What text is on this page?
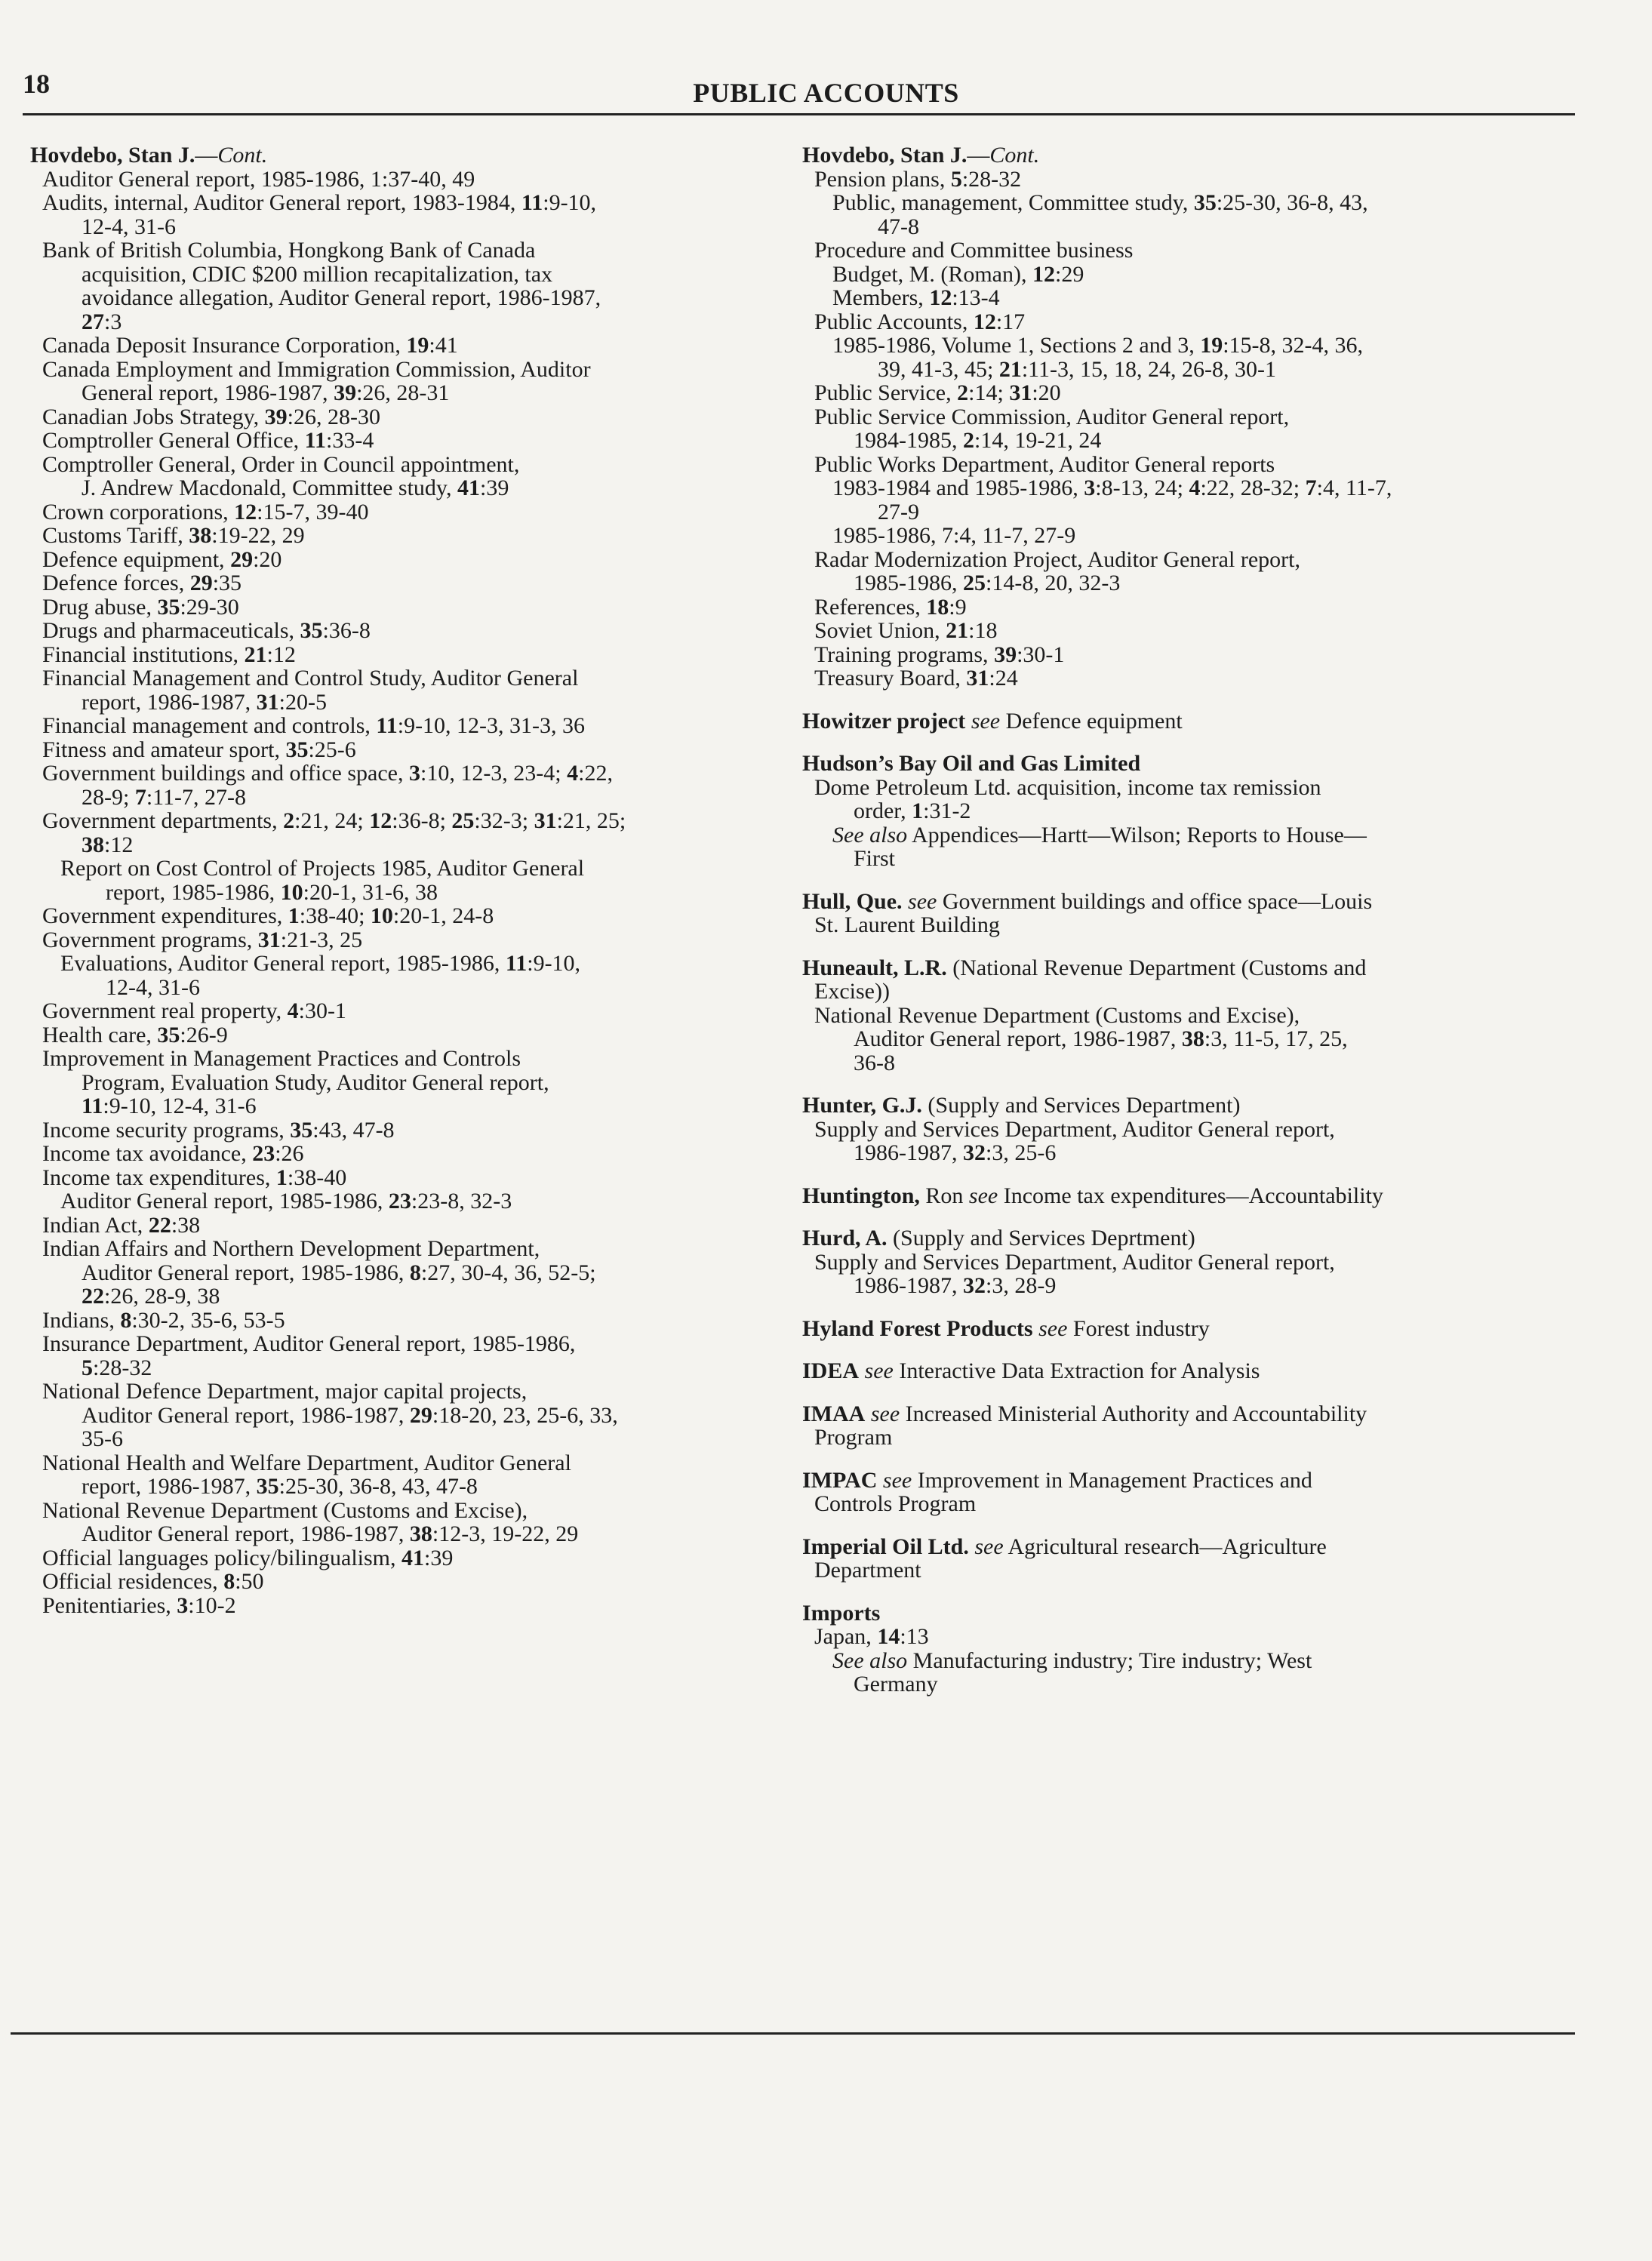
18	PUBLIC ACCOUNTS
Hovdebo, Stan J.—Cont.
Auditor General report, 1985-1986, 1:37-40, 49
Audits, internal, Auditor General report, 1983-1984, 11:9-10,
12-4, 31-6
Bank of British Columbia, Hongkong Bank of Canada
acquisition, CDIC $200 million recapitalization, tax
avoidance allegation, Auditor General report, 1986-1987,
27:3
Canada Deposit Insurance Corporation, 19:41
Canada Employment and Immigration Commission, Auditor
General report, 1986-1987, 39:26, 28-31
Canadian Jobs Strategy, 39:26, 28-30
Comptroller General Office, 11:33-4
Comptroller General, Order in Council appointment,
J. Andrew Macdonald, Committee study, 41:39
Crown corporations, 12:15-7, 39-40
Customs Tariff, 38:19-22, 29
Defence equipment, 29:20
Defence forces, 29:35
Drug abuse, 35:29-30
Drugs and pharmaceuticals, 35:36-8
Financial institutions, 21:12
Financial Management and Control Study, Auditor General
report, 1986-1987, 31:20-5
Financial management and controls, 11:9-10, 12-3, 31-3, 36
Fitness and amateur sport, 35:25-6
Government buildings and office space, 3:10, 12-3, 23-4; 4:22,
28-9; 7:11-7, 27-8
Government departments, 2:21, 24; 12:36-8; 25:32-3; 31:21, 25;
38:12
Report on Cost Control of Projects 1985, Auditor General
report, 1985-1986, 10:20-1, 31-6, 38
Government expenditures, 1:38-40; 10:20-1, 24-8
Government programs, 31:21-3, 25
Evaluations, Auditor General report, 1985-1986, 11:9-10,
12-4, 31-6
Government real property, 4:30-1
Health care, 35:26-9
Improvement in Management Practices and Controls
Program, Evaluation Study, Auditor General report,
11:9-10, 12-4, 31-6
Income security programs, 35:43, 47-8
Income tax avoidance, 23:26
Income tax expenditures, 1:38-40
Auditor General report, 1985-1986, 23:23-8, 32-3
Indian Act, 22:38
Indian Affairs and Northern Development Department,
Auditor General report, 1985-1986, 8:27, 30-4, 36, 52-5;
22:26, 28-9, 38
Indians, 8:30-2, 35-6, 53-5
Insurance Department, Auditor General report, 1985-1986,
5:28-32
National Defence Department, major capital projects,
Auditor General report, 1986-1987, 29:18-20, 23, 25-6, 33,
35-6
National Health and Welfare Department, Auditor General
report, 1986-1987, 35:25-30, 36-8, 43, 47-8
National Revenue Department (Customs and Excise),
Auditor General report, 1986-1987, 38:12-3, 19-22, 29
Official languages policy/bilingualism, 41:39
Official residences, 8:50
Penitentiaries, 3:10-2
Hovdebo, Stan J.—Cont.
Pension plans, 5:28-32
Public, management, Committee study, 35:25-30, 36-8, 43,
47-8
Procedure and Committee business
Budget, M. (Roman), 12:29
Members, 12:13-4
Public Accounts, 12:17
1985-1986, Volume 1, Sections 2 and 3, 19:15-8, 32-4, 36,
39, 41-3, 45; 21:11-3, 15, 18, 24, 26-8, 30-1
Public Service, 2:14; 31:20
Public Service Commission, Auditor General report,
1984-1985, 2:14, 19-21, 24
Public Works Department, Auditor General reports
1983-1984 and 1985-1986, 3:8-13, 24; 4:22, 28-32; 7:4, 11-7,
27-9
1985-1986, 7:4, 11-7, 27-9
Radar Modernization Project, Auditor General report,
1985-1986, 25:14-8, 20, 32-3
References, 18:9
Soviet Union, 21:18
Training programs, 39:30-1
Treasury Board, 31:24
Howitzer project see Defence equipment
Hudson’s Bay Oil and Gas Limited
Dome Petroleum Ltd. acquisition, income tax remission
order, 1:31-2
See also Appendices—Hartt—Wilson; Reports to House—
First
Hull, Que. see Government buildings and office space—Louis
St. Laurent Building
Huneault, L.R. (National Revenue Department (Customs and
Excise))
National Revenue Department (Customs and Excise),
Auditor General report, 1986-1987, 38:3, 11-5, 17, 25,
36-8
Hunter, G.J. (Supply and Services Department)
Supply and Services Department, Auditor General report,
1986-1987, 32:3, 25-6
Huntington, Ron see Income tax expenditures—Accountability
Hurd, A. (Supply and Services Deprtment)
Supply and Services Department, Auditor General report,
1986-1987, 32:3, 28-9
Hyland Forest Products see Forest industry
IDEA see Interactive Data Extraction for Analysis
IMAA see Increased Ministerial Authority and Accountability
Program
IMPAC see Improvement in Management Practices and
Controls Program
Imperial Oil Ltd. see Agricultural research—Agriculture
Department
Imports
Japan, 14:13
See also Manufacturing industry; Tire industry; West
Germany
